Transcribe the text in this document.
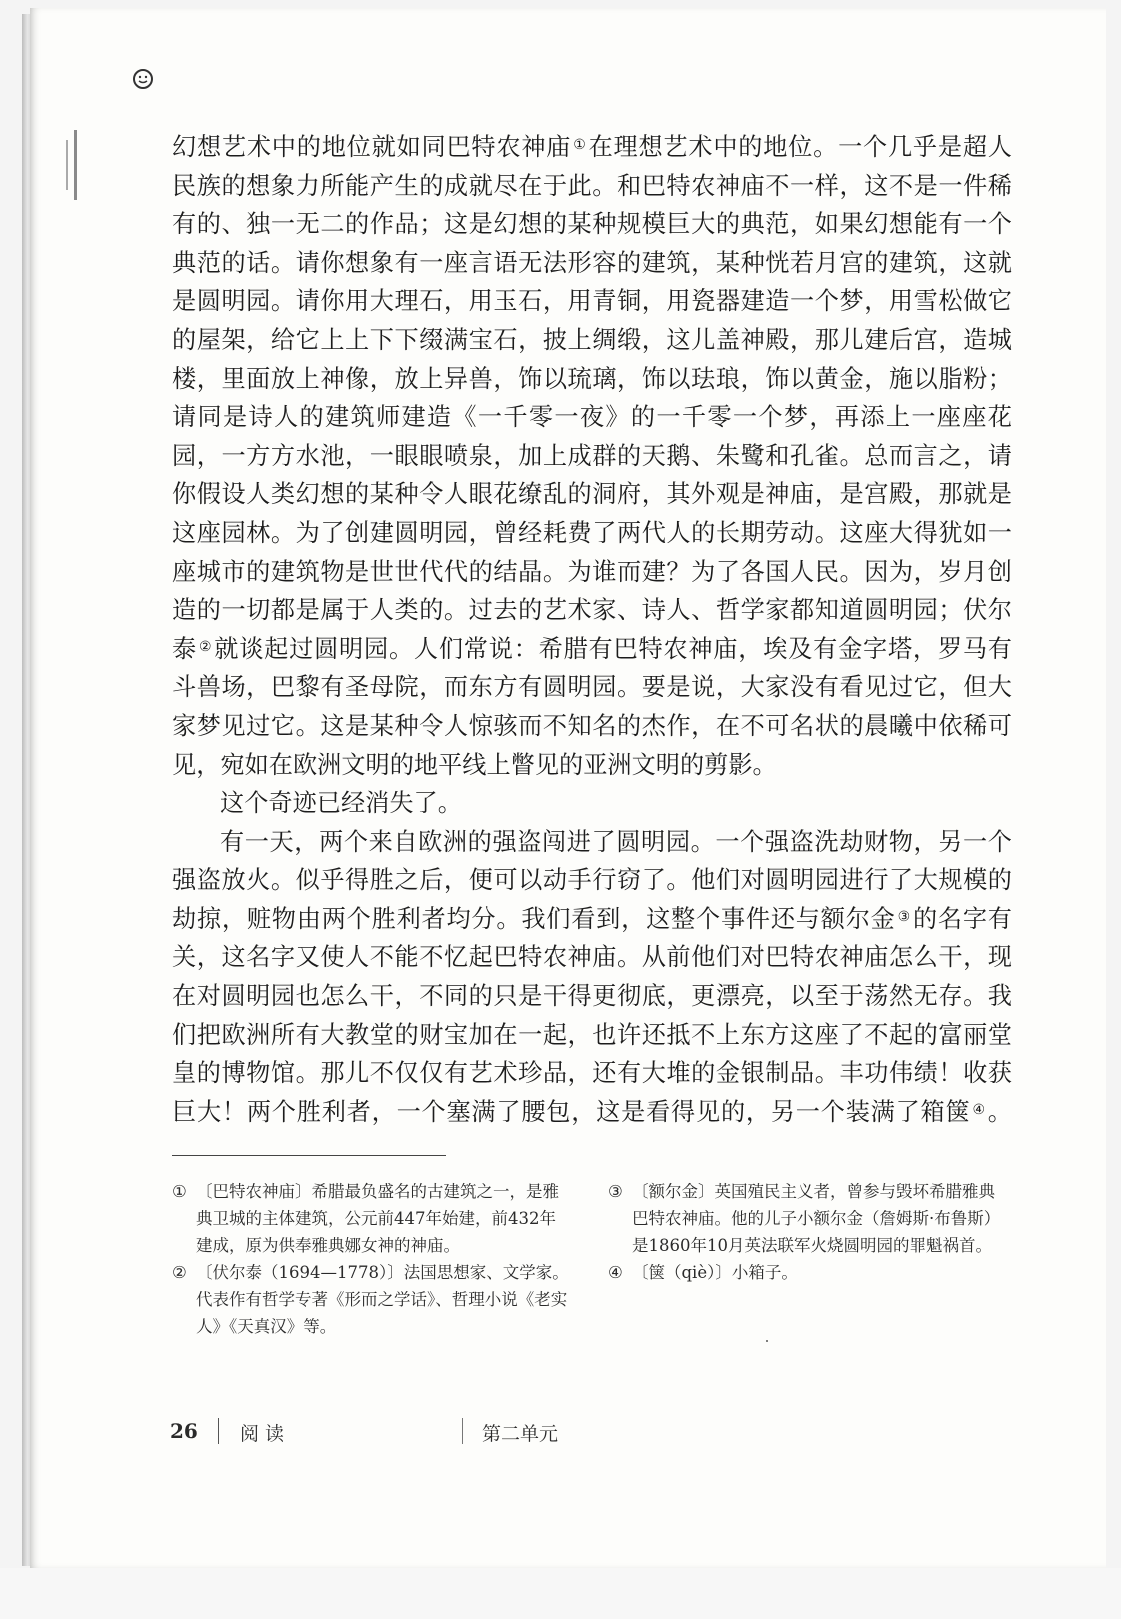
幻想艺术中的地位就如同巴特农神庙 ①在理想艺术中的地位。一个几乎是超人
民族的想象力所能产生的成就尽在于此。和巴特农神庙不一样，这不是一件稀
有的、独一无二的作品；这是幻想的某种规模巨大的典范，如果幻想能有一个
典范的话。请你想象有一座言语无法形容的建筑，某种恍若月宫的建筑，这就
是圆明园。请你用大理石，用玉石，用青铜，用瓷器建造一个梦，用雪松做它
的屋架，给它上上下下缀满宝石，披上绸缎，这儿盖神殿，那儿建后宫，造城
楼，里面放上神像，放上异兽，饰以琉璃，饰以珐琅，饰以黄金，施以脂粉；
请同是诗人的建筑师建造《一千零一夜》的一千零一个梦，再添上一座座花
园，一方方水池，一眼眼喷泉，加上成群的天鹅、朱鹭和孔雀。总而言之，请
你假设人类幻想的某种令人眼花缭乱的洞府，其外观是神庙，是宫殿，那就是
这座园林。为了创建圆明园，曾经耗费了两代人的长期劳动。这座大得犹如一
座城市的建筑物是世世代代的结晶。为谁而建？为了各国人民。因为，岁月创
造的一切都是属于人类的。过去的艺术家、诗人、哲学家都知道圆明园；伏尔
泰 ②就谈起过圆明园。人们常说：希腊有巴特农神庙，埃及有金字塔，罗马有
斗兽场，巴黎有圣母院，而东方有圆明园。要是说，大家没有看见过它，但大
家梦见过它。这是某种令人惊骇而不知名的杰作，在不可名状的晨曦中依稀可
见，宛如在欧洲文明的地平线上瞥见的亚洲文明的剪影。
这个奇迹已经消失了。
有一天，两个来自欧洲的强盗闯进了圆明园。一个强盗洗劫财物，另一个
强盗放火。似乎得胜之后，便可以动手行窃了。他们对圆明园进行了大规模的
劫掠，赃物由两个胜利者均分。我们看到，这整个事件还与额尔金 ③的名字有
关，这名字又使人不能不忆起巴特农神庙。从前他们对巴特农神庙怎么干，现
在对圆明园也怎么干，不同的只是干得更彻底，更漂亮，以至于荡然无存。我
们把欧洲所有大教堂的财宝加在一起，也许还抵不上东方这座了不起的富丽堂
皇的博物馆。那儿不仅仅有艺术珍品，还有大堆的金银制品。丰功伟绩！收获
巨大！两个胜利者，一个塞满了腰包，这是看得见的，另一个装满了箱箧 ④。
① 〔巴特农神庙〕希腊最负盛名的古建筑之一，是雅典卫城的主体建筑，公元前447年始建，前432年建成，原为供奉雅典娜女神的神庙。
② 〔伏尔泰（1694—1778）〕法国思想家、文学家。代表作有哲学专著《形而之学话》、哲理小说《老实人》《天真汉》等。
③ 〔额尔金〕英国殖民主义者，曾参与毁坏希腊雅典巴特农神庙。他的儿子小额尔金（詹姆斯·布鲁斯）是1860年10月英法联军火烧圆明园的罪魁祸首。
④ 〔箧（qiè）〕小箱子。
26 阅读	第二单元
